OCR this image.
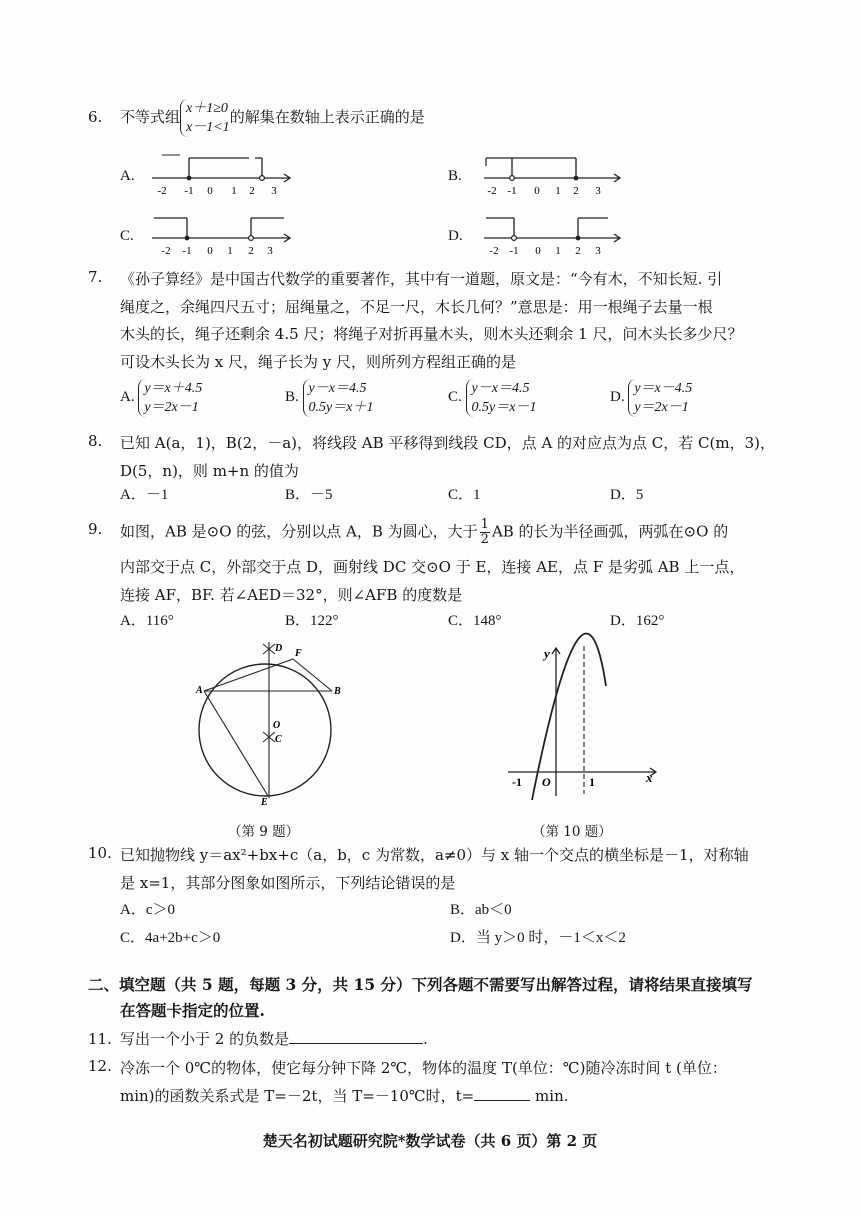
6. 不等式组 x＋1≥0
x－1<1的解集在数轴上表示正确的是
A.	B.
C.	D.
-2 -1 0 1 2 3	-2 -1 0 1 2 3
-2 -1 0 1 2 3	-2 -1 0 1 2 3
7. 《孙子算经》是中国古代数学的重要著作，其中有一道题，原文是：“今有木，不知长短. 引
绳度之，余绳四尺五寸；屈绳量之，不足一尺，木长几何？”意思是：用一根绳子去量一根
木头的长，绳子还剩余 4.5 尺；将绳子对折再量木头，则木头还剩余 1 尺，问木头长多少尺？
可设木头长为 x 尺，绳子长为 y 尺，则所列方程组正确的是
A. y＝x＋4.5
y＝2x－1
B. y－x＝4.5
0.5y＝x＋1
C. y－x＝4.5
0.5y＝x－1
D. y＝x－4.5
y＝2x－1
8. 已知 A(a，1)，B(2，－a)，将线段 AB 平移得到线段 CD，点 A 的对应点为点 C，若 C(m，3)，
D(5，n)，则 m+n 的值为
A．－1	B．－5	C．1	D．5
9. 如图，AB 是⊙O 的弦，分别以点 A，B 为圆心，大于 $\frac{1}{2}$ AB 的长为半径画弧，两弧在⊙O 的
内部交于点 C，外部交于点 D，画射线 DC 交⊙O 于 E，连接 AE，点 F 是劣弧 AB 上一点，
连接 AF，BF. 若∠AED＝32°，则∠AFB 的度数是
A．116°	B．122°	C．148°	D．162°
D F
A	B
O
C
E
（第 9 题）
y
x
-1 O	1
（第 10 题）
10. 已知抛物线 y＝ax²+bx+c（a，b，c 为常数，a≠0）与 x 轴一个交点的横坐标是－1，对称轴
是 x=1，其部分图象如图所示，下列结论错误的是
A．c＞0	B．ab＜0
C．4a+2b+c＞0	D．当 y＞0 时，－1＜x＜2
二、填空题（共 5 题，每题 3 分，共 15 分）下列各题不需要写出解答过程，请将结果直接填写
在答题卡指定的位置.
11. 写出一个小于 2 的负数是	.
12. 冷冻一个 0℃的物体，使它每分钟下降 2℃，物体的温度 T(单位：℃)随冷冻时间 t (单位：
min)的函数关系式是 T=－2t，当 T=－10℃时，t=	min.
楚天名初试题研究院*数学试卷（共 6 页）第 2 页
